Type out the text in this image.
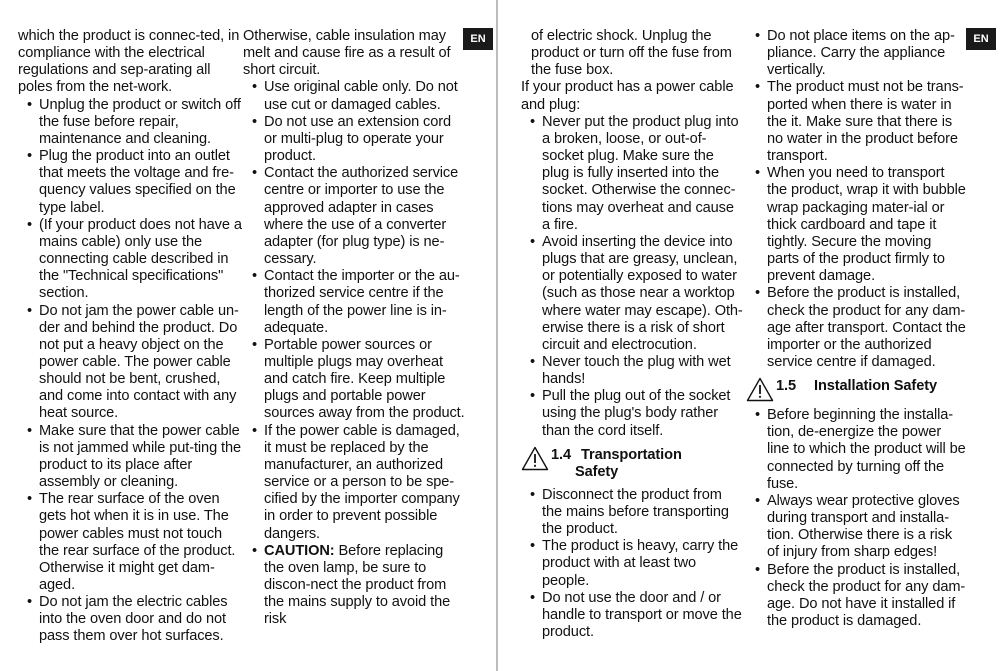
which the product is connec-ted, in compliance with the electrical regulations and sep-arating all poles from the net-work.

• Unplug the product or switch off the fuse before repair, maintenance and cleaning.

• Plug the product into an outlet that meets the voltage and fre-quency values specified on the type label.

• (If your product does not have a mains cable) only use the connecting cable described in the "Technical specifications" section.

• Do not jam the power cable un-der and behind the product. Do not put a heavy object on the power cable. The power cable should not be bent, crushed, and come into contact with any heat source.

• Make sure that the power cable is not jammed while put-ting the product to its place after assembly or cleaning.

• The rear surface of the oven gets hot when it is in use. The power cables must not touch the rear surface of the product. Otherwise it might get dam-aged.

• Do not jam the electric cables into the oven door and do not pass them over hot surfaces.

Otherwise, cable insulation may melt and cause fire as a result of short circuit.

• Use original cable only. Do not use cut or damaged cables.

• Do not use an extension cord or multi-plug to operate your product.

• Contact the authorized service centre or importer to use the approved adapter in cases where the use of a converter adapter (for plug type) is ne-cessary.

• Contact the importer or the au-thorized service centre if the length of the power line is in-adequate.

• Portable power sources or multiple plugs may overheat and catch fire. Keep multiple plugs and portable power sources away from the product.

• If the power cable is damaged, it must be replaced by the manufacturer, an authorized service or a person to be spe-cified by the importer company in order to prevent possible dangers.

• CAUTION: Before replacing the oven lamp, be sure to discon-nect the product from the mains supply to avoid the risk

EN	of electric shock. Unplug the product or turn off the fuse from the fuse box.

If your product has a power cable and plug:

• Never put the product plug into a broken, loose, or out-of-socket plug. Make sure the plug is fully inserted into the socket. Otherwise the connec-tions may overheat and cause a fire.

• Avoid inserting the device into plugs that are greasy, unclean, or potentially exposed to water (such as those near a worktop where water may escape). Oth-erwise there is a risk of short circuit and electrocution.

• Never touch the plug with wet hands!

• Pull the plug out of the socket using the plug's body rather than the cord itself.

1.4 Transportation
Safety

• Disconnect the product from the mains before transporting the product.

• The product is heavy, carry the product with at least two people.

• Do not use the door and / or handle to transport or move the product.

• Do not place items on the ap-pliance. Carry the appliance vertically.

• The product must not be trans-ported when there is water in the it. Make sure that there is no water in the product before transport.

• When you need to transport the product, wrap it with bubble wrap packaging mater-ial or thick cardboard and tape it tightly. Secure the moving parts of the product firmly to prevent damage.

• Before the product is installed, check the product for any dam-age after transport. Contact the importer or the authorized service centre if damaged.

1.5 Installation Safety

• Before beginning the installa-tion, de-energize the power line to which the product will be connected by turning off the fuse.

• Always wear protective gloves during transport and installa-tion. Otherwise there is a risk of injury from sharp edges!

• Before the product is installed, check the product for any dam-age. Do not have it installed if the product is damaged.

EN
